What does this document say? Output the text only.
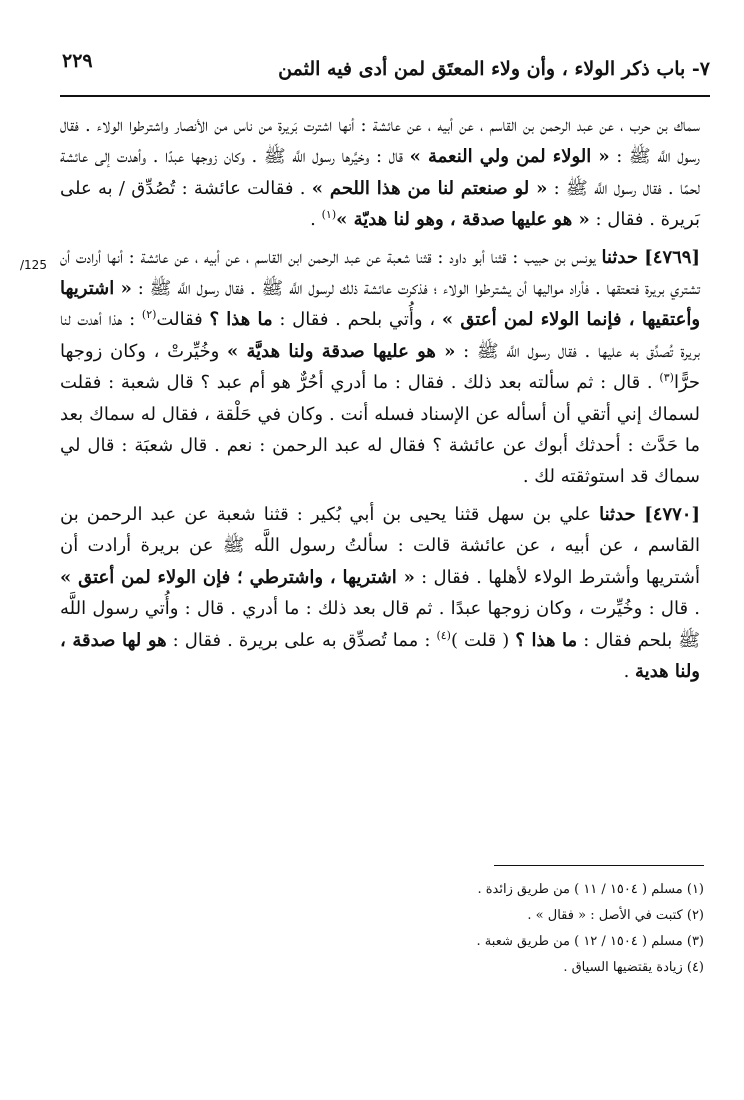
٢٢٩	٧- باب ذكر الولاء ، وأن ولاء المعتَق لمن أدى فيه الثمن
/125

سماك بن حرب ، عن عبد الرحمن بن القاسم ، عن أبيه ، عن عائشة : أنها اشترت بَريرة من ناس من الأنصار واشترطوا الولاء . فقال رسول اللَّه ﷺ : « الولاء لمن ولي النعمة » قال : وخيَّرها رسول اللَّه ﷺ . وكان زوجها عبدًا . وأهدت إلى عائشة لحمًا . فقال رسول اللَّه ﷺ : « لو صنعتم لنا من هذا اللحم » . فقالت عائشة : تُصُدِّق / به على بَريرة . فقال : « هو عليها صدقة ، وهو لنا هديّة »$^{(١)}$ .

[٤٧٦٩] حدثنا يونس بن حبيب : قثنا أبو داود : قثنا شعبة عن عبد الرحمن ابن القاسم ، عن أبيه ، عن عائشة : أنها أرادت أن تشتري بريرة فتعتقها . فأراد مواليها أن يشترطوا الولاء ؛ فذكرت عائشة ذلك لرسول اللَّه ﷺ . فقال رسول اللَّه ﷺ : « اشتريها وأعتقيها ، فإنما الولاء لمن أعتق » ، وأُتي بلحم . فقال : ما هذا ؟ فقالت$^{(٢)}$ : هذا أهدت لنا بريرة تُصدِّق به عليها . فقال رسول اللَّه ﷺ : « هو عليها صدقة ولنا هديَّة » وخُيِّرتْ ، وكان زوجها حرًّا$^{(٣)}$ . قال : ثم سألته بعد ذلك . فقال : ما أدري أحُرٌّ هو أم عبد ؟ قال شعبة : فقلت لسماك إني أتقي أن أسأله عن الإسناد فسله أنت . وكان في حَلْقة ، فقال له سماك بعد ما حَدَّث : أحدثك أبوك عن عائشة ؟ فقال له عبد الرحمن : نعم . قال شعبَة : قال لي سماك قد استوثقته لك .

[٤٧٧٠] حدثنا علي بن سهل قثنا يحيى بن أبي بُكير : قثنا شعبة عن عبد الرحمن بن القاسم ، عن أبيه ، عن عائشة قالت : سألتُ رسول اللَّه ﷺ عن بريرة أرادت أن أشتريها وأشترط الولاء لأهلها . فقال : « اشتريها ، واشترطي ؛ فإن الولاء لمن أعتق » . قال : وخُيِّرت ، وكان زوجها عبدًا . ثم قال بعد ذلك : ما أدري . قال : وأُتي رسول اللَّه ﷺ بلحم فقال : ما هذا ؟ ( قلت )$^{(٤)}$ : مما تُصدِّق به على بريرة . فقال : هو لها صدقة ، ولنا هدية .

(١) مسلم ( ١٥٠٤ / ١١ ) من طريق زائدة .
(٢) كتبت في الأصل : « فقال » .
(٣) مسلم ( ١٥٠٤ / ١٢ ) من طريق شعبة .
(٤) زيادة يقتضيها السياق .
